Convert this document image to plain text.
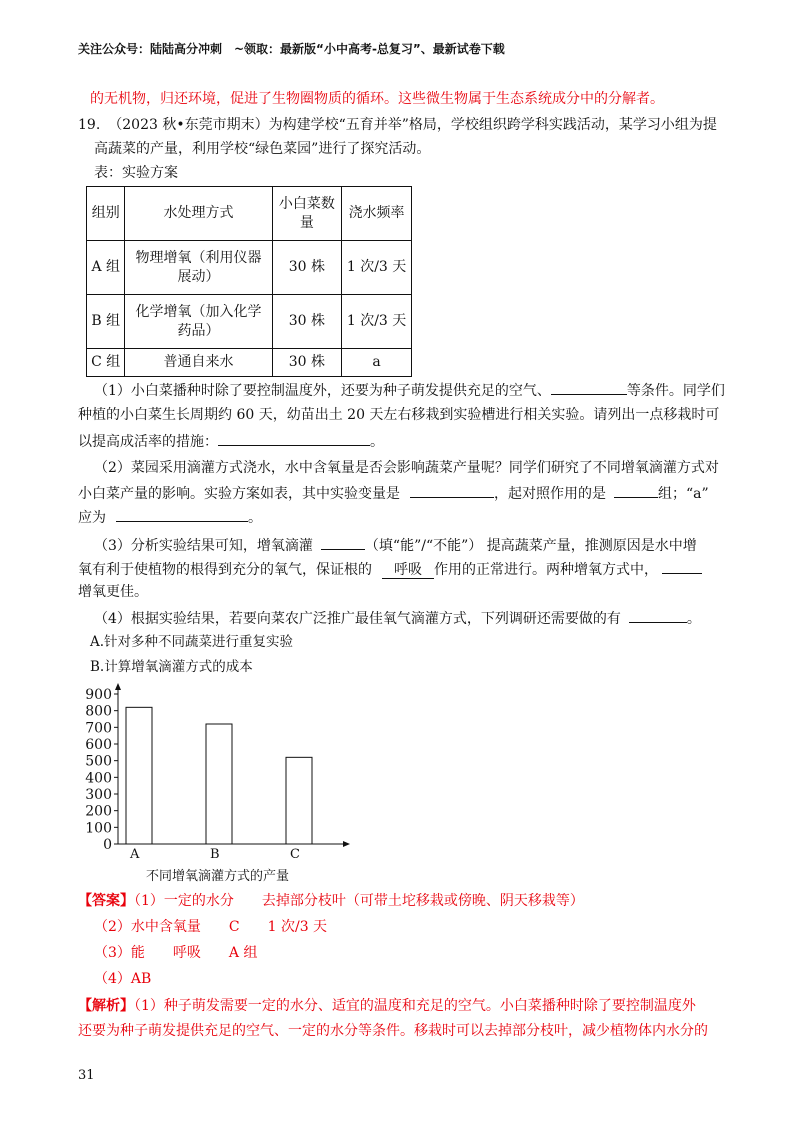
关注公众号：陆陆高分冲刺　~领取：最新版“小中高考-总复习”、最新试卷下载
的无机物，归还环境，促进了生物圈物质的循环。这些微生物属于生态系统成分中的分解者。
19. （2023 秋•东莞市期末）为构建学校“五育并举”格局，学校组织跨学科实践活动，某学习小组为提
高蔬菜的产量，利用学校“绿色菜园”进行了探究活动。
表：实验方案
组别	水处理方式	小白菜数量	浇水频率
A 组	物理增氧（利用仪器展动）	30 株	1 次/3 天
B 组	化学增氧（加入化学药品）	30 株	1 次/3 天
C 组	普通自来水	30 株	a
（1）小白菜播种时除了要控制温度外，还要为种子萌发提供充足的空气、	等条件。同学们
种植的小白菜生长周期约 60 天，幼苗出土 20 天左右移栽到实验槽进行相关实验。请列出一点移栽时可
以提高成活率的措施：	。
（2）菜园采用滴灌方式浇水，水中含氧量是否会影响蔬菜产量呢？同学们研究了不同增氧滴灌方式对
小白菜产量的影响。实验方案如表，其中实验变量是	，起对照作用的是	组；“a”
应为	。
（3）分析实验结果可知，增氧滴灌	（填“能”/“不能”） 提高蔬菜产量，推测原因是水中增
氧有利于使植物的根得到充分的氧气，保证根的 呼吸 作用的正常进行。两种增氧方式中，
增氧更佳。
（4）根据实验结果，若要向菜农广泛推广最佳氧气滴灌方式，下列调研还需要做的有	。
A.针对多种不同蔬菜进行重复实验
B.计算增氧滴灌方式的成本
0
100
200
300
400
500
600
700
800
900
A	B	C
不同增氧滴灌方式的产量
【答案】（1）一定的水分　　去掉部分枝叶（可带土坨移栽或傍晚、阴天移栽等）
（2）水中含氧量　　C　　1 次/3 天
（3）能　　呼吸　　A 组
（4）AB
【解析】（1）种子萌发需要一定的水分、适宜的温度和充足的空气。小白菜播种时除了要控制温度外
还要为种子萌发提供充足的空气、一定的水分等条件。移栽时可以去掉部分枝叶，减少植物体内水分的
31
